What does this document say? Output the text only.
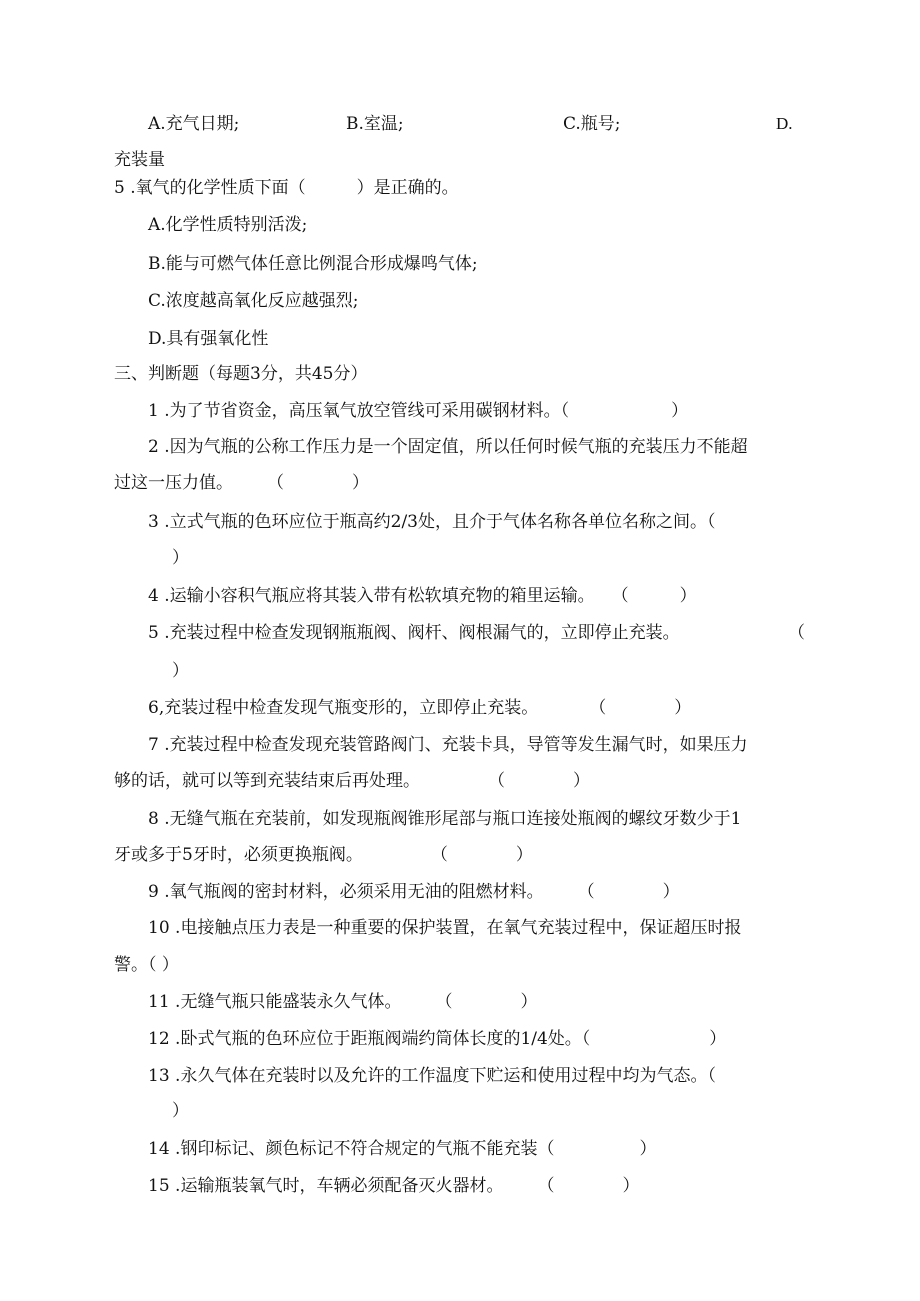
A.充气日期;	B.室温;	C.瓶号;	D.
充装量
5 .氧气的化学性质下面（　　　）是正确的。
A.化学性质特别活泼;
B.能与可燃气体任意比例混合形成爆鸣气体;
C.浓度越高氧化反应越强烈;
D.具有强氧化性
三、判断题（每题3分，共45分）
1 .为了节省资金，高压氧气放空管线可采用碳钢材料。（　　　　　　）
2 .因为气瓶的公称工作压力是一个固定值，所以任何时候气瓶的充装压力不能超
过这一压力值。　　　（　　　　）
3 .立式气瓶的色环应位于瓶高约2/3处，且介于气体名称各单位名称之间。（
）
4 .运输小容积气瓶应将其装入带有松软填充物的箱里运输。　　（　　　）
5 .充装过程中检查发现钢瓶瓶阀、阀杆、阀根漏气的，立即停止充装。	（
）
6,充装过程中检查发现气瓶变形的，立即停止充装。　　　　（　　　　）
7 .充装过程中检查发现充装管路阀门、充装卡具，导管等发生漏气时，如果压力
够的话，就可以等到充装结束后再处理。　　　　　（　　　　）
8 .无缝气瓶在充装前，如发现瓶阀锥形尾部与瓶口连接处瓶阀的螺纹牙数少于1
牙或多于5牙时，必须更换瓶阀。　　　　　（　　　　）
9 .氧气瓶阀的密封材料，必须采用无油的阻燃材料。　　　（　　　　）
10 .电接触点压力表是一种重要的保护装置，在氧气充装过程中，保证超压时报
警。（ ）
11 .无缝气瓶只能盛装永久气体。　　　（　　　　）
12 .卧式气瓶的色环应位于距瓶阀端约筒体长度的1/4处。（　　　　　　　）
13 .永久气体在充装时以及允许的工作温度下贮运和使用过程中均为气态。（
）
14 .钢印标记、颜色标记不符合规定的气瓶不能充装（　　　　　）
15 .运输瓶装氧气时，车辆必须配备灭火器材。　　　（　　　　）
